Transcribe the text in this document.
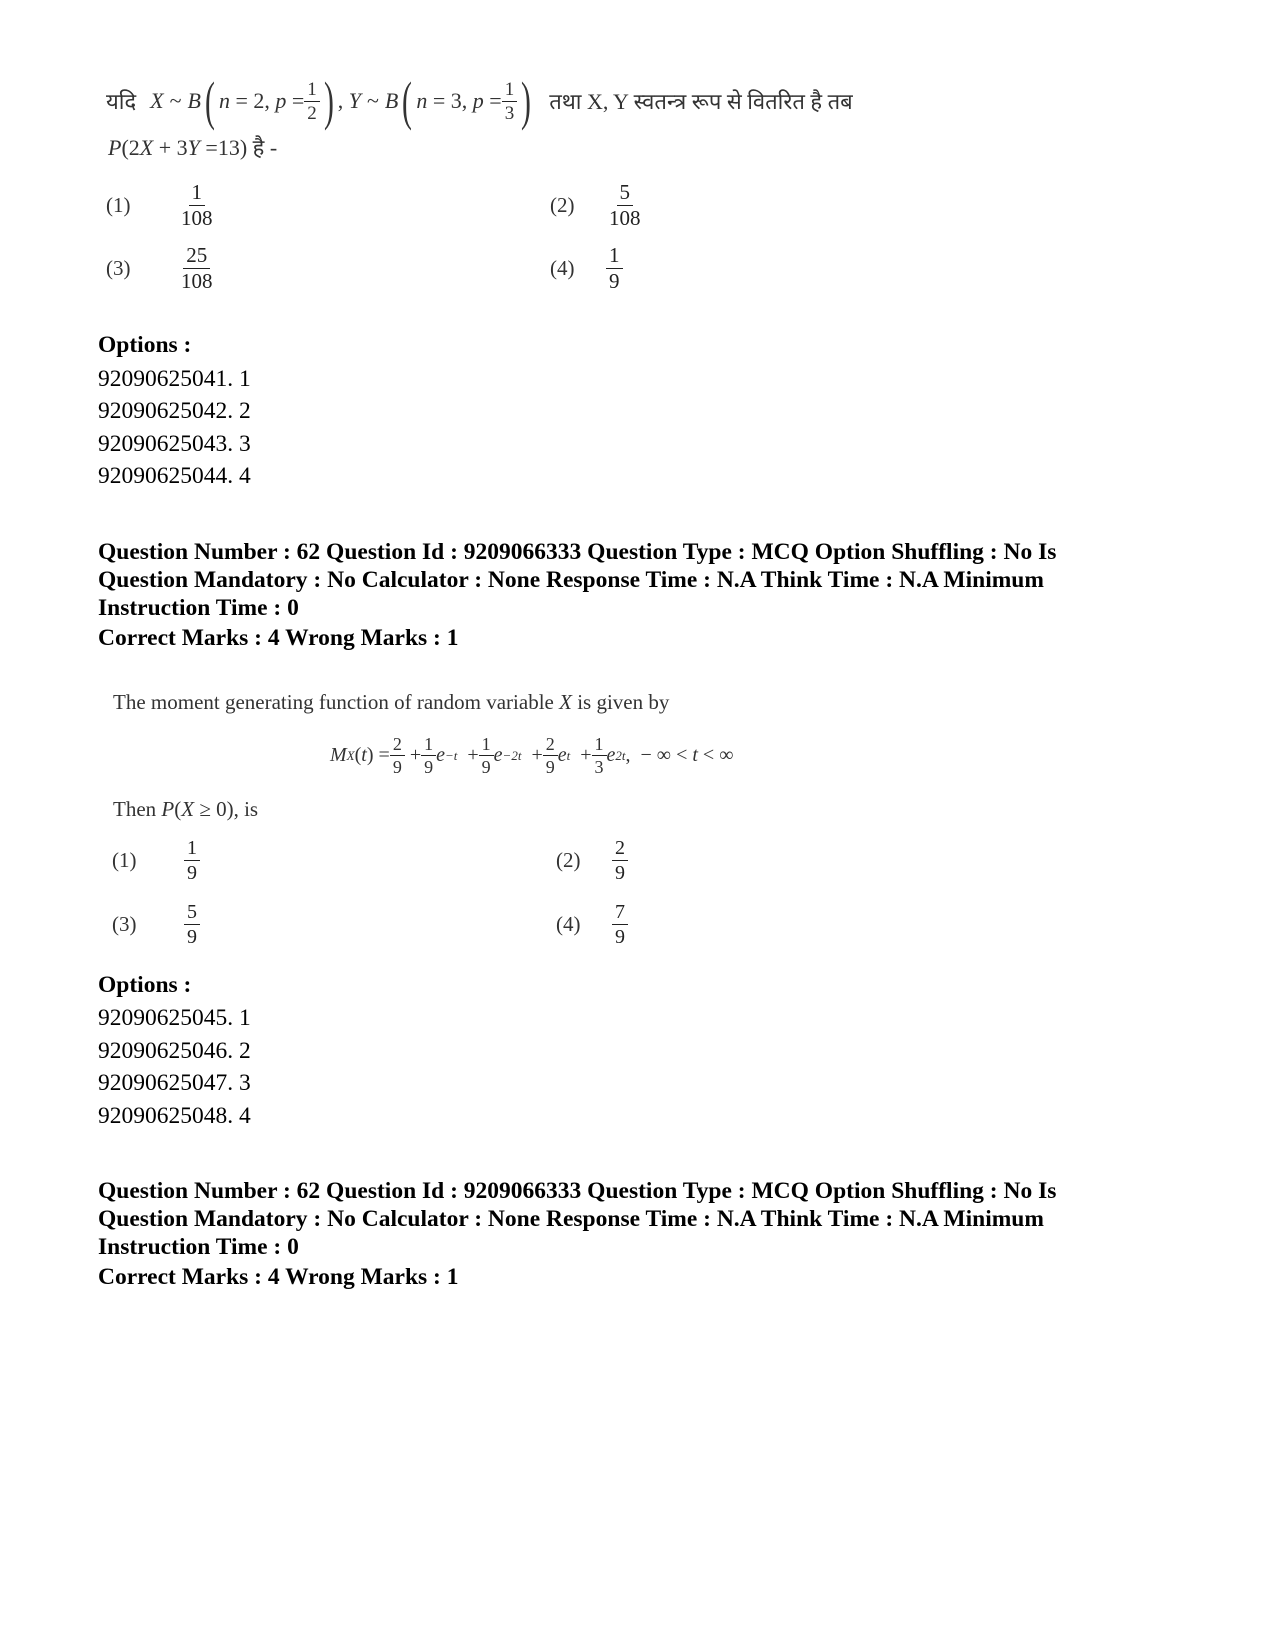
यदि X ~ B ( n = 2, $p = \frac{1}{2}$ ) , Y ~ B ( n = 3, $p = \frac{1}{3}$ ) तथा X, Y स्वतन्त्र रूप से वितरित है तब
P(2X + 3Y =13) है -
(1)	$\frac{1}{108}$	(2)	$\frac{5}{108}$
(3)	$\frac{25}{108}$	(4)	$\frac{1}{9}$
Options :
92090625041. 1
92090625042. 2
92090625043. 3
92090625044. 4
Question Number : 62 Question Id : 9209066333 Question Type : MCQ Option Shuffling : No Is
Question Mandatory : No Calculator : None Response Time : N.A Think Time : N.A Minimum
Instruction Time : 0
Correct Marks : 4 Wrong Marks : 1
The moment generating function of random variable X is given by
M X ( t ) = $\frac{2}{9} + \frac{1}{9}$ $e -t + \frac{1}{9}$ $e -2t + \frac{2}{9}$ e $t + \frac{1}{3}$ e 2t ,  − ∞ < t < ∞
Then P(X ≥ 0), is
(1)	$\frac{1}{9}$	(2)	$\frac{2}{9}$
(3)	$\frac{5}{9}$	(4)	$\frac{7}{9}$
Options :
92090625045. 1
92090625046. 2
92090625047. 3
92090625048. 4
Question Number : 62 Question Id : 9209066333 Question Type : MCQ Option Shuffling : No Is
Question Mandatory : No Calculator : None Response Time : N.A Think Time : N.A Minimum
Instruction Time : 0
Correct Marks : 4 Wrong Marks : 1
